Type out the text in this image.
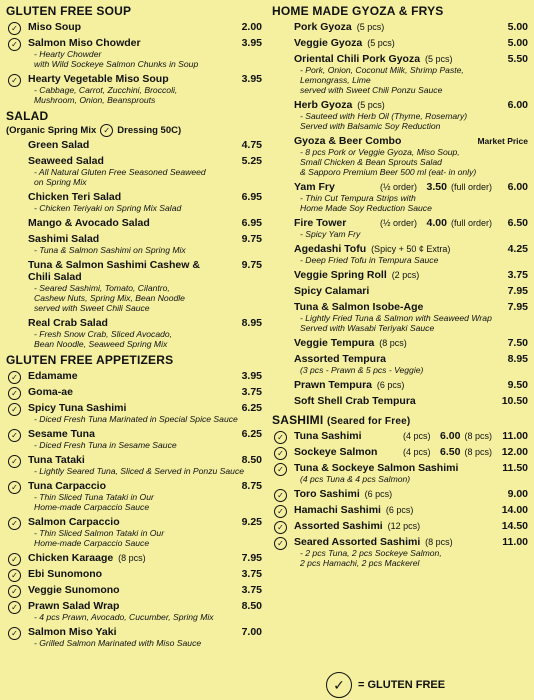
GLUTEN FREE SOUP
✓ Miso Soup	2.00
✓ Salmon Miso Chowder	3.95
- Hearty Chowder
with Wild Sockeye Salmon Chunks in Soup
✓ Hearty Vegetable Miso Soup	3.95
- Cabbage, Carrot, Zucchini, Broccoli,
Mushroom, Onion, Beansprouts
SALAD
(Organic Spring Mix ✓ Dressing 50C)
Green Salad	4.75
Seaweed Salad	5.25
- All Natural Gluten Free Seasoned Seaweed
on Spring Mix
Chicken Teri Salad	6.95
- Chicken Teriyaki on Spring Mix Salad
Mango & Avocado Salad	6.95
Sashimi Salad	9.75
- Tuna & Salmon Sashimi on Spring Mix
Tuna & Salmon Sashimi Cashew & Chili Salad
9.75
- Seared Sashimi, Tomato, Cilantro,
Cashew Nuts, Spring Mix, Bean Noodle
served with Sweet Chili Sauce
Real Crab Salad	8.95
- Fresh Snow Crab, Sliced Avocado,
Bean Noodle, Seaweed Spring Mix
GLUTEN FREE APPETIZERS
✓ Edamame	3.95
✓ Goma-ae	3.75
✓ Spicy Tuna Sashimi	6.25
- Diced Fresh Tuna Marinated in Special Spice Sauce
✓ Sesame Tuna	6.25
- Diced Fresh Tuna in Sesame Sauce
✓ Tuna Tataki	8.50
- Lightly Seared Tuna, Sliced & Served in Ponzu Sauce
✓ Tuna Carpaccio	8.75
- Thin Sliced Tuna Tataki in Our
Home-made Carpaccio Sauce
✓ Salmon Carpaccio	9.25
- Thin Sliced Salmon Tataki in Our
Home-made Carpaccio Sauce
✓ Chicken Karaage (8 pcs)	7.95
✓ Ebi Sunomono	3.75
✓ Veggie Sunomono	3.75
✓ Prawn Salad Wrap	8.50
- 4 pcs Prawn, Avocado, Cucumber, Spring Mix
✓ Salmon Miso Yaki	7.00
- Grilled Salmon Marinated with Miso Sauce
HOME MADE GYOZA & FRYS
Pork Gyoza (5 pcs)	5.00
Veggie Gyoza (5 pcs)	5.00
Oriental Chili Pork Gyoza (5 pcs)	5.50
- Pork, Onion, Coconut Milk, Shrimp Paste,
Lemongrass, Lime
served with Sweet Chili Ponzu Sauce
Herb Gyoza (5 pcs)	6.00
- Sauteed with Herb Oil (Thyme, Rosemary)
Served with Balsamic Soy Reduction
Gyoza & Beer Combo	Market Price
- 8 pcs Pork or Veggie Gyoza, Miso Soup,
Small Chicken & Bean Sprouts Salad
& Sapporo Premium Beer 500 ml (eat- in only)
Yam Fry	(½ order) 3.50 (full order)	6.00
- Thin Cut Tempura Strips with
Home Made Soy Reduction Sauce
Fire Tower	(½ order) 4.00 (full order)	6.50
- Spicy Yam Fry
Agedashi Tofu (Spicy + 50 ¢ Extra)	4.25
- Deep Fried Tofu in Tempura Sauce
Veggie Spring Roll (2 pcs)	3.75
Spicy Calamari	7.95
Tuna & Salmon Isobe-Age	7.95
- Lightly Fried Tuna & Salmon with Seaweed Wrap
Served with Wasabi Teriyaki Sauce
Veggie Tempura (8 pcs)	7.50
Assorted Tempura	8.95
(3 pcs - Prawn & 5 pcs - Veggie)
Prawn Tempura (6 pcs)	9.50
Soft Shell Crab Tempura	10.50
SASHIMI (Seared for Free)
✓ Tuna Sashimi	(4 pcs) 6.00 (8 pcs) 11.00
✓ Sockeye Salmon	(4 pcs) 6.50 (8 pcs) 12.00
✓ Tuna & Sockeye Salmon Sashimi	11.50
(4 pcs Tuna & 4 pcs Salmon)
✓ Toro Sashimi (6 pcs)	9.00
✓ Hamachi Sashimi (6 pcs)	14.00
✓ Assorted Sashimi (12 pcs)	14.50
✓ Seared Assorted Sashimi (8 pcs)	11.00
- 2 pcs Tuna, 2 pcs Sockeye Salmon,
2 pcs Hamachi, 2 pcs Mackerel
✓	= GLUTEN FREE
